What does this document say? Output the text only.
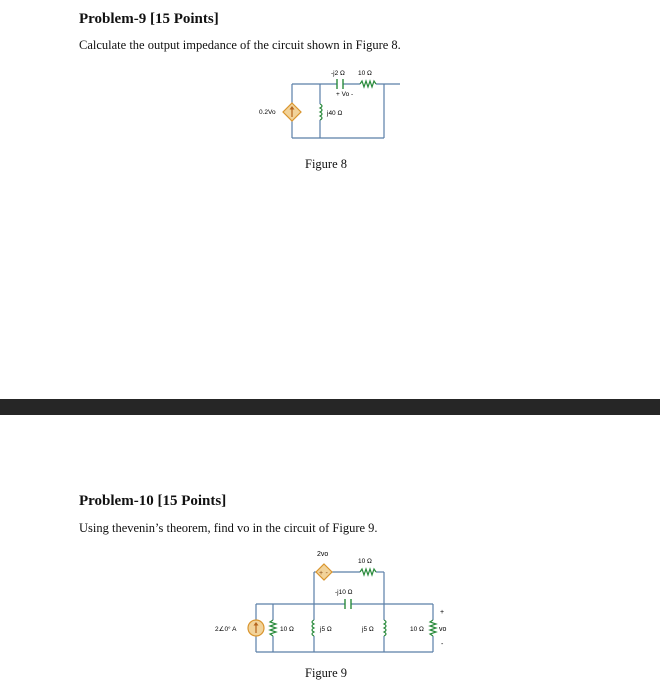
Problem-9 [15 Points]
Calculate the output impedance of the circuit shown in Figure 8.
-j2 Ω 10 Ω
+ Vo -
j40 Ω
0.2Vo
Figure 8
Problem-10 [15 Points]
Using thevenin’s theorem, find vo in the circuit of Figure 9.
+ -
2vo
10 Ω
-j10 Ω
2∠0° A	10 Ω	j5 Ω	j5 Ω	10 Ω
+
vo
-
Figure 9
